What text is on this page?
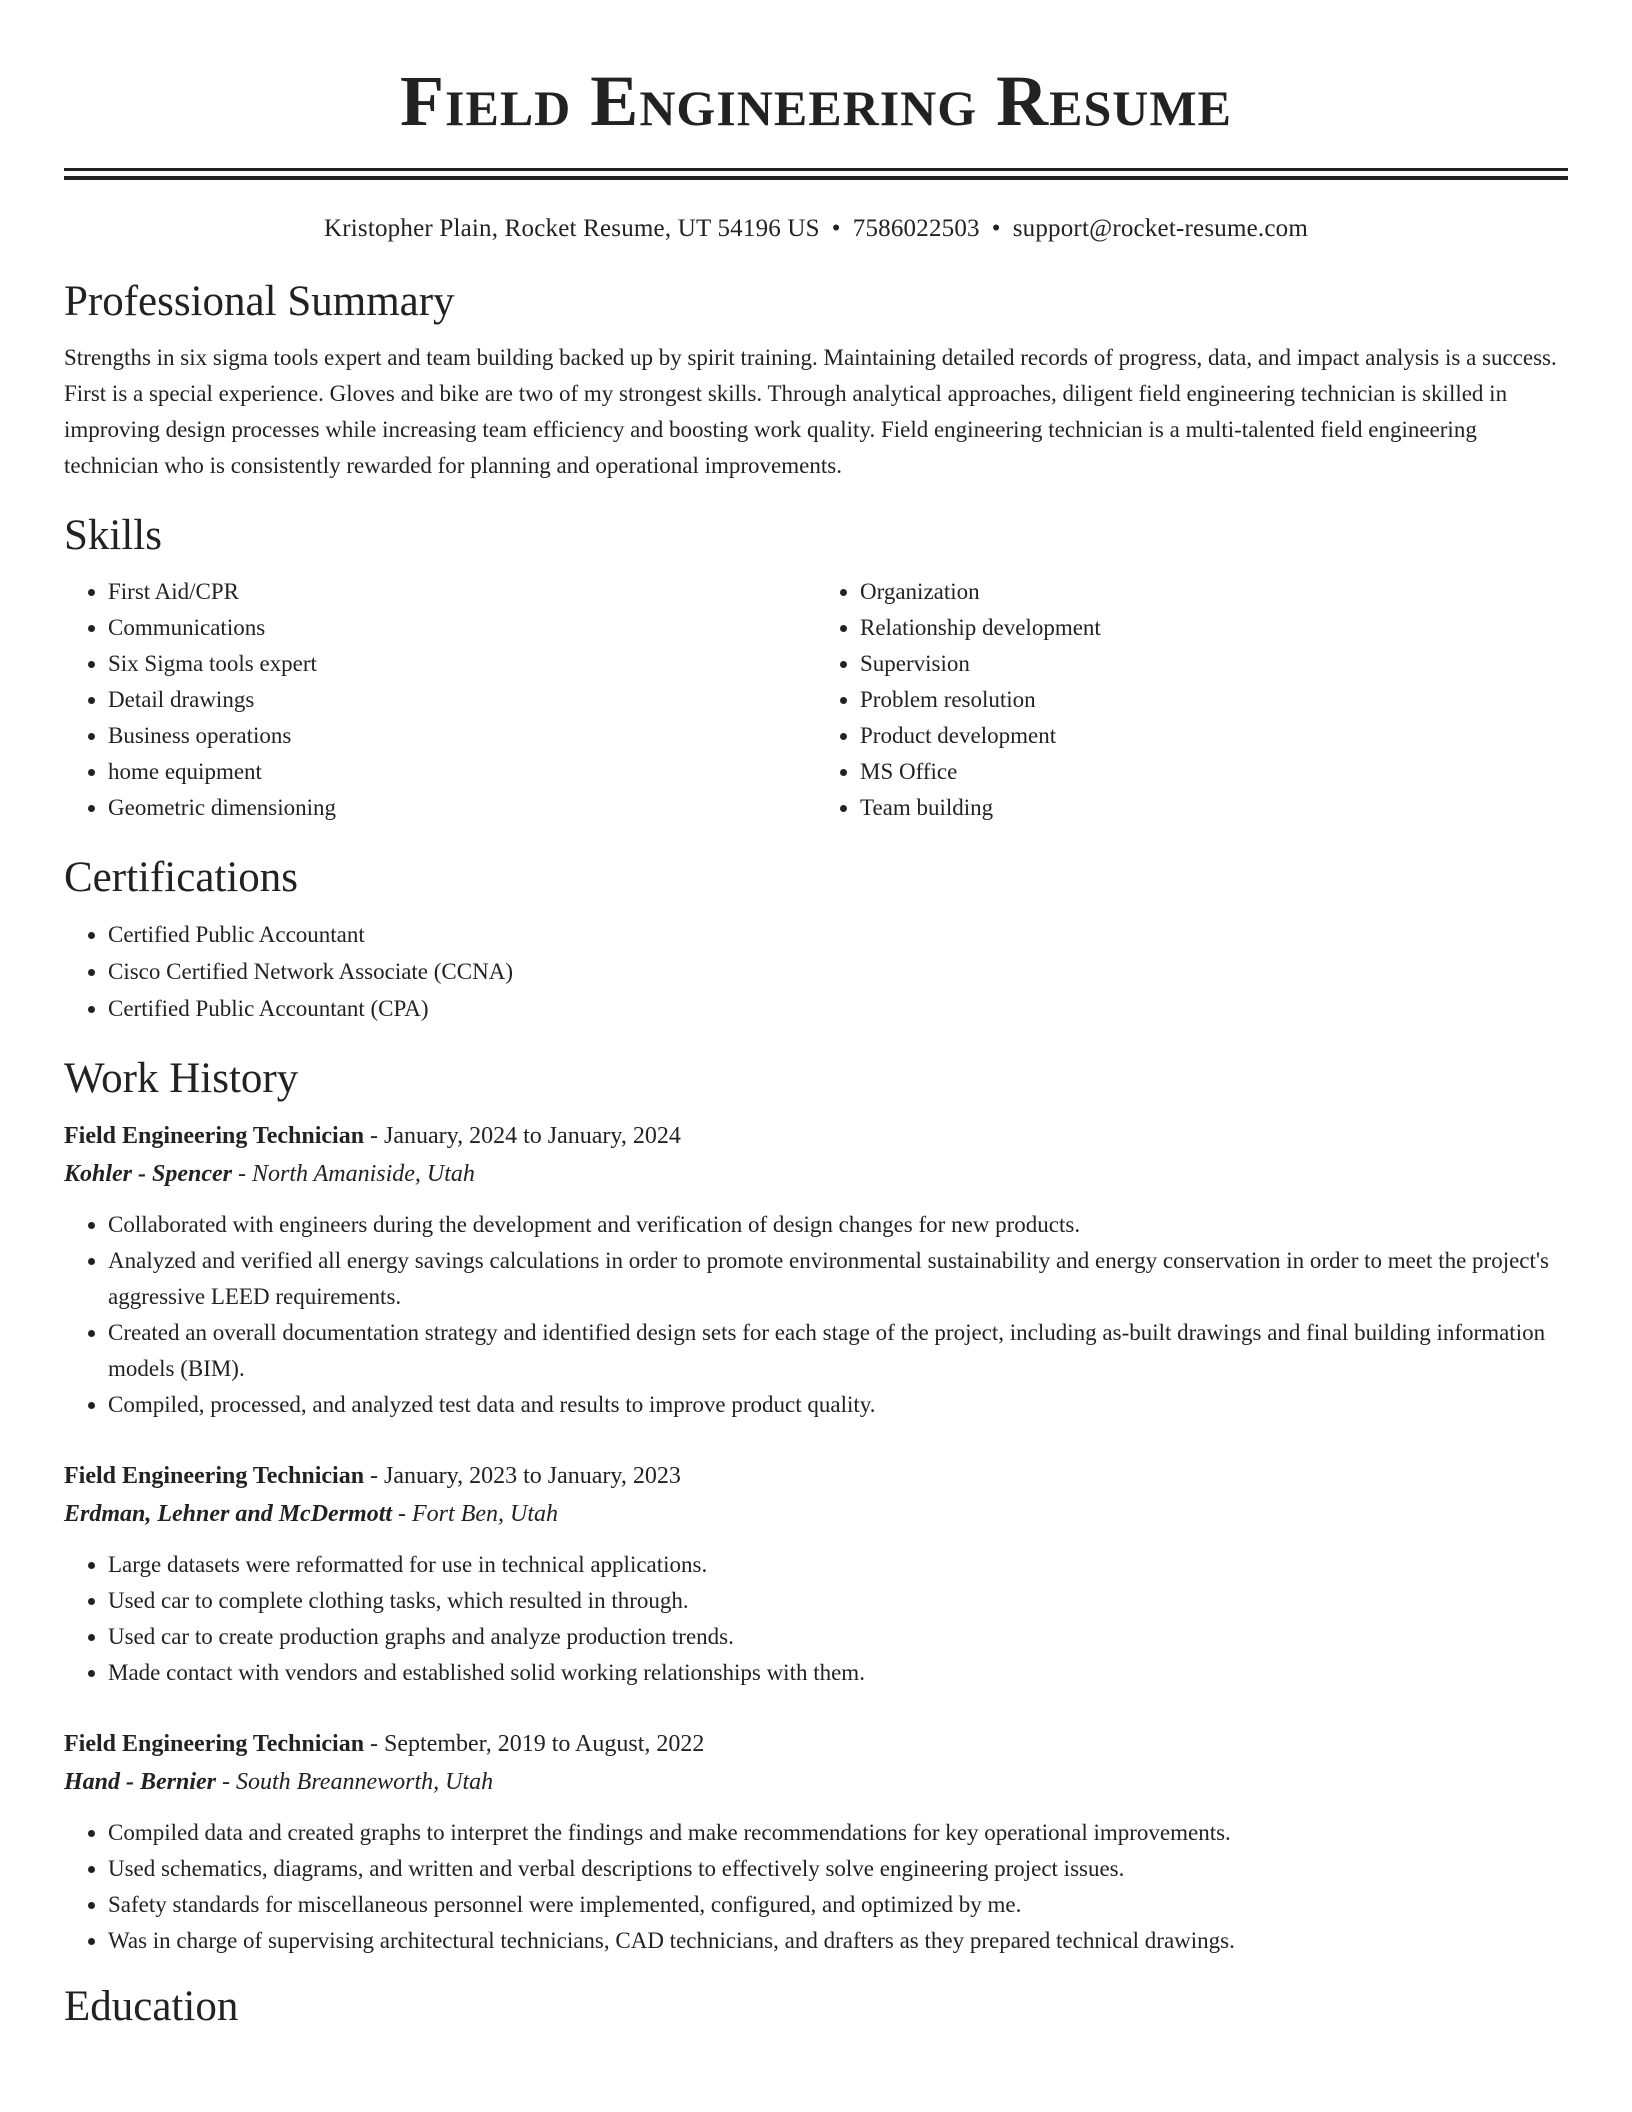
Field Engineering Resume
Kristopher Plain, Rocket Resume, UT 54196 US • 7586022503 • support@rocket-resume.com
Professional Summary

Strengths in six sigma tools expert and team building backed up by spirit training. Maintaining detailed records of progress, data, and impact analysis is a success. First is a special experience. Gloves and bike are two of my strongest skills. Through analytical approaches, diligent field engineering technician is skilled in improving design processes while increasing team efficiency and boosting work quality. Field engineering technician is a multi-talented field engineering technician who is consistently rewarded for planning and operational improvements.

Skills
• First Aid/CPR
• Communications
• Six Sigma tools expert
• Detail drawings
• Business operations
• home equipment
• Geometric dimensioning
• Organization
• Relationship development
• Supervision
• Problem resolution
• Product development
• MS Office
• Team building
Certifications
• Certified Public Accountant
• Cisco Certified Network Associate (CCNA)
• Certified Public Accountant (CPA)
Work History
Field Engineering Technician - January, 2024 to January, 2024
Kohler - Spencer - North Amaniside, Utah
• Collaborated with engineers during the development and verification of design changes for new products.
• Analyzed and verified all energy savings calculations in order to promote environmental sustainability and energy conservation in order to meet the project's aggressive LEED requirements.
• Created an overall documentation strategy and identified design sets for each stage of the project, including as-built drawings and final building information models (BIM).
• Compiled, processed, and analyzed test data and results to improve product quality.
Field Engineering Technician - January, 2023 to January, 2023
Erdman, Lehner and McDermott - Fort Ben, Utah
• Large datasets were reformatted for use in technical applications.
• Used car to complete clothing tasks, which resulted in through.
• Used car to create production graphs and analyze production trends.
• Made contact with vendors and established solid working relationships with them.
Field Engineering Technician - September, 2019 to August, 2022
Hand - Bernier - South Breanneworth, Utah
• Compiled data and created graphs to interpret the findings and make recommendations for key operational improvements.
• Used schematics, diagrams, and written and verbal descriptions to effectively solve engineering project issues.
• Safety standards for miscellaneous personnel were implemented, configured, and optimized by me.
• Was in charge of supervising architectural technicians, CAD technicians, and drafters as they prepared technical drawings.
Education
